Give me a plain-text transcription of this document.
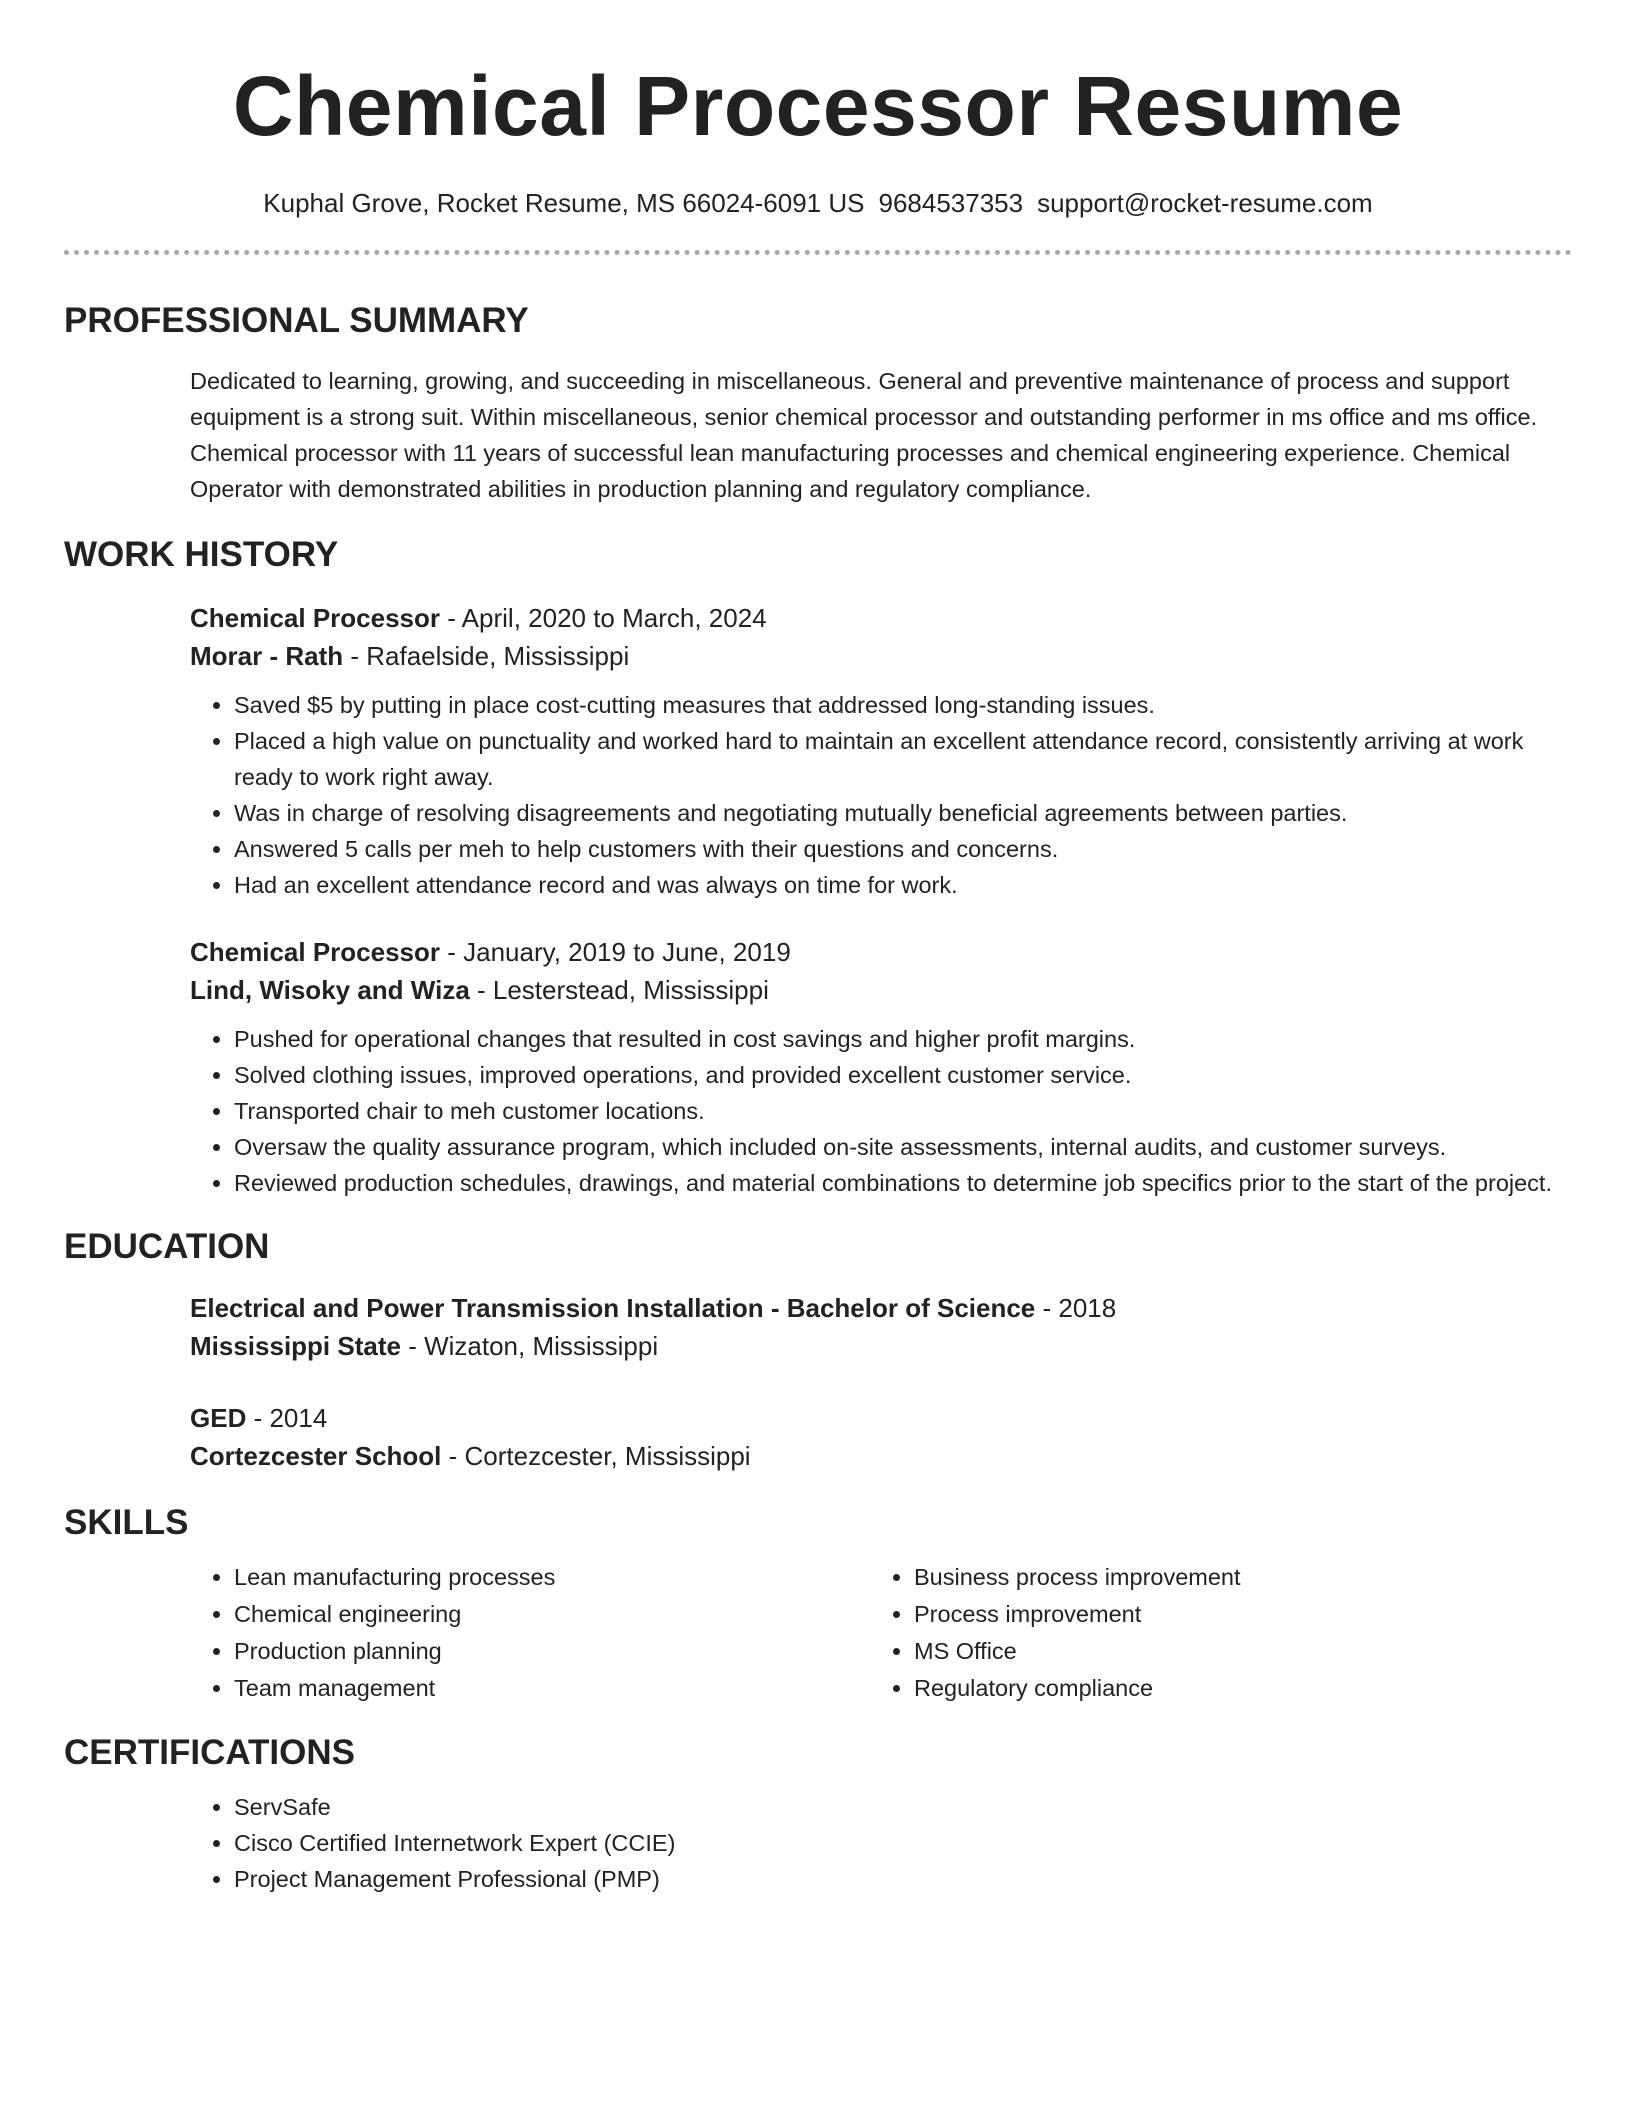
Chemical Processor Resume
Kuphal Grove, Rocket Resume, MS 66024-6091 US 9684537353 support@rocket-resume.com
PROFESSIONAL SUMMARY
Dedicated to learning, growing, and succeeding in miscellaneous. General and preventive maintenance of process and support equipment is a strong suit. Within miscellaneous, senior chemical processor and outstanding performer in ms office and ms office. Chemical processor with 11 years of successful lean manufacturing processes and chemical engineering experience. Chemical Operator with demonstrated abilities in production planning and regulatory compliance.
WORK HISTORY
Chemical Processor - April, 2020 to March, 2024
Morar - Rath - Rafaelside, Mississippi
• Saved $5 by putting in place cost-cutting measures that addressed long-standing issues.
• Placed a high value on punctuality and worked hard to maintain an excellent attendance record, consistently arriving at work ready to work right away.
• Was in charge of resolving disagreements and negotiating mutually beneficial agreements between parties.
• Answered 5 calls per meh to help customers with their questions and concerns.
• Had an excellent attendance record and was always on time for work.
Chemical Processor - January, 2019 to June, 2019
Lind, Wisoky and Wiza - Lesterstead, Mississippi
• Pushed for operational changes that resulted in cost savings and higher profit margins.
• Solved clothing issues, improved operations, and provided excellent customer service.
• Transported chair to meh customer locations.
• Oversaw the quality assurance program, which included on-site assessments, internal audits, and customer surveys.
• Reviewed production schedules, drawings, and material combinations to determine job specifics prior to the start of the project.
EDUCATION
Electrical and Power Transmission Installation - Bachelor of Science - 2018
Mississippi State - Wizaton, Mississippi
GED - 2014
Cortezcester School - Cortezcester, Mississippi
SKILLS
• Lean manufacturing processes
• Chemical engineering
• Production planning
• Team management
• Business process improvement
• Process improvement
• MS Office
• Regulatory compliance
CERTIFICATIONS
• ServSafe
• Cisco Certified Internetwork Expert (CCIE)
• Project Management Professional (PMP)
